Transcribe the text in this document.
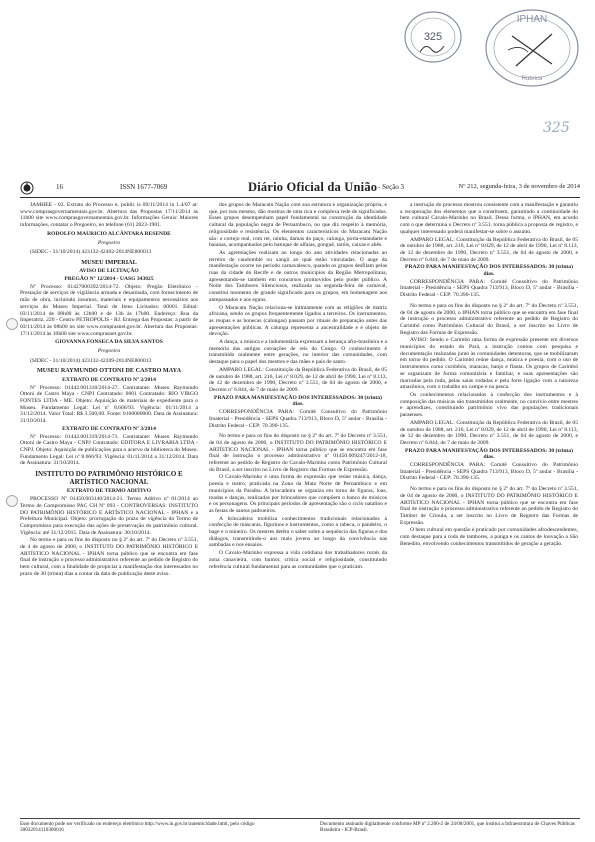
325
IPHAN
Rubrica
325
16	ISSN 1677-7069	Diário Oficial da União - Seção 3	Nº 212, segunda-feira, 3 de novembro de 2014
JAMHEE - 02. Extrato do Processo n. public is 09/11/2014 in 1.4/07 at: www.comprasgovernamentais.gov.br. Abertura das Propostas 17/11/2014 às 11h00 site www.comprasgovernamentais.gov.br. Informações Gerais: Maiores informações, contatar o Pregoeiro, no telefone (61) 2023-1901.
RODOLFO MAURICIO ALCÂNTARA RESENDE
Pregoeiro
(SIDEC - 31/10/2014) 423132-42402-2014NE800013
MUSEU IMPERIAL
AVISO DE LICITAÇÃO
PREGÃO Nº 12/2014 - UASG 343025
Nº Processo: 01427000392/2014-72. Objeto: Pregão Eletrônico - Prestação de serviços de vigilância armada e desarmada, com fornecimento de mão de obra, incluindo insumos, materiais e equipamentos necessários aos serviços do Museu Imperial. Total de Itens Licitados: 00001. Edital: 03/11/2014 de 08h00 às 12h00 e de 13h às 17h00. Endereço: Rua da Imperatriz, 220 - Centro PETROPOLIS - RJ. Entrega das Propostas: a partir de 03/11/2014 às 08h00 no site www.comprasnet.gov.br. Abertura das Propostas: 17/11/2014 às 10h00 site www.comprasnet.gov.br.
GIOVANNA FONSECA DA SILVA SANTOS
Pregoeira
(SIDEC - 31/10/2014) 423132-42209-2014NE800013
MUSEU RAYMUNDO OTTONI DE CASTRO MAYA
EXTRATO DE CONTRATO Nº 2/2014
Nº Processo: 01442.001318/2014-27. Contratante: Museu Raymundo Ottoni de Castro Maya - CNPJ Contratado: 0001 Contratado: RIO VIRGO FONTES LTDA - ME. Objeto: Aquisição de materiais de expediente para o Museu. Fundamento Legal: Lei nº 8.666/93. Vigência: 01/11/2014 a 31/12/2014. Valor Total: R$ 3.500,00. Fonte: 0100000000. Data de Assinatura: 31/10/2014.
EXTRATO DE CONTRATO Nº 3/2014
Nº Processo: 01442.001319/2014-71. Contratante: Museu Raymundo Ottoni de Castro Maya - CNPJ Contratado: EDITORA E LIVRARIA LTDA - CNPJ. Objeto: Aquisição de publicações para o acervo da biblioteca do Museu. Fundamento Legal: Lei nº 8.666/93. Vigência: 01/11/2014 a 31/12/2014. Data de Assinatura: 31/10/2014.
INSTITUTO DO PATRIMÔNIO HISTÓRICO E ARTÍSTICO NACIONAL
EXTRATO DE TERMO ADITIVO
PROCESSO Nº 01450.003140/2014-21. Termo Aditivo nº 01/2014 ao Termo de Compromisso PAC CH Nº 093 - CONTROVERSAS: INSTITUTO DO PATRIMÔNIO HISTÓRICO E ARTÍSTICO NACIONAL - IPHAN e a Prefeitura Municipal. Objeto: prorrogação do prazo de vigência do Termo de Compromisso para execução das ações de preservação do patrimônio cultural. Vigência: até 31/12/2015. Data de Assinatura: 30/10/2014.
No termo e para os fins do disposto no § 2º do art. 7º do Decreto nº 3.551, de 4 de agosto de 2000, o INSTITUTO DO PATRIMÔNIO HISTÓRICO E ARTÍSTICO NACIONAL - IPHAN torna público que se encontra em fase final de instrução o processo administrativo referente ao pedido de Registro do bem cultural, com a finalidade de propiciar a manifestação dos interessados no prazo de 30 (trinta) dias a contar da data de publicação deste aviso.
dos grupos de Maracatu Nação com sua estrutura e organização própria, e que, por isso mesmo, dão mostras de uma rica e complexa rede de significados. Esses grupos desempenham papel fundamental na construção da identidade cultural da população negra de Pernambuco, no que diz respeito à memória, religiosidade e resistência. Os elementos característicos do Maracatu Nação são: o cortejo real, com rei, rainha, damas do paço, calunga, porta-estandarte e baianas, acompanhados pelo batuque de alfaias, gonguê, taróis, caixas e abês.
As agremiações realizam ao longo do ano atividades relacionadas ao terreiro de candomblé ou xangô ao qual estão vinculadas. O auge da manifestação ocorre no período carnavalesco, quando os grupos desfilam pelas ruas da cidade do Recife e de outros municípios da Região Metropolitana, apresentando-se também em concursos promovidos pelo poder público. A Noite dos Tambores Silenciosos, realizada na segunda-feira de carnaval, constitui momento de grande significado para os grupos, em homenagem aos antepassados e aos eguns.
O Maracatu Nação relaciona-se intimamente com as religiões de matriz africana, sendo os grupos frequentemente ligados a terreiros. Os instrumentos, as roupas e as bonecas (calungas) passam por rituais de preparação antes das apresentações públicas. A calunga representa a ancestralidade e é objeto de devoção.
A dança, a música e a indumentária expressam a herança afro-brasileira e a memória das antigas coroações de reis do Congo. O conhecimento é transmitido oralmente entre gerações, no interior das comunidades, com destaque para o papel dos mestres e das mães e pais de santo.
AMPARO LEGAL: Constituição da República Federativa do Brasil, de 05 de outubro de 1988, art. 216, Lei nº 8.029, de 12 de abril de 1990, Lei nº 8.113, de 12 de dezembro de 1990, Decreto nº 3.551, de 04 de agosto de 2000, e Decreto nº 6.844, de 7 de maio de 2009.
PRAZO PARA MANIFESTAÇÃO DOS INTERESSADOS: 30 (trinta) dias.
CORRESPONDÊNCIA PARA: Comitê Consultivo do Patrimônio Imaterial - Presidência - SEPS Quadra 713/913, Bloco D, 5º andar - Brasília - Distrito Federal - CEP: 70.390-135.
No termo e para os fins do disposto no § 2º do art. 7º do Decreto nº 3.551, de 04 de agosto de 2000, o INSTITUTO DO PATRIMÔNIO HISTÓRICO E ARTÍSTICO NACIONAL - IPHAN torna público que se encontra em fase final de instrução o processo administrativo nº 01450.009247/2012-18, referente ao pedido de Registro do Cavalo-Marinho como Patrimônio Cultural do Brasil, a ser inscrito no Livro de Registro das Formas de Expressão.
O Cavalo-Marinho é uma forma de expressão que reúne música, dança, poesia e teatro, praticada na Zona da Mata Norte de Pernambuco e em municípios da Paraíba. A brincadeira se organiza em torno de figuras, loas, toadas e danças, realizadas por brincadores que compõem o banco de músicos e os personagens. Os principais períodos de apresentação são o ciclo natalino e as festas de santos padroeiros.
A brincadeira mobiliza conhecimentos tradicionais relacionados à confecção de máscaras, figurinos e instrumentos, como a rabeca, o pandeiro, o bage e o mineiro. Os mestres detêm o saber sobre a sequência das figuras e dos diálogos, transmitindo-o aos mais jovens ao longo da convivência nas sambadas e nos ensaios.
O Cavalo-Marinho expressa a vida cotidiana dos trabalhadores rurais da zona canavieira, com humor, crítica social e religiosidade, constituindo referência cultural fundamental para as comunidades que o praticam.
a instrução do processo mostrou consistente com a manifestação e garantiu a recuperação dos elementos que a constituem, garantindo a continuidade do bem cultural Cavalo-Marinho no Brasil. Dessa forma, o IPHAN, em acordo com o que determina o Decreto nº 3.551, torna pública a proposta de registro, e qualquer interessado poderá manifestar-se sobre o assunto.
AMPARO LEGAL: Constituição da República Federativa do Brasil, de 05 de outubro de 1988, art. 216, Lei nº 8.029, de 12 de abril de 1990, Lei nº 8.113, de 12 de dezembro de 1990, Decreto nº 3.551, de 04 de agosto de 2000, e Decreto nº 6.844, de 7 de maio de 2009.
PRAZO PARA MANIFESTAÇÃO DOS INTERESSADOS: 30 (trinta) dias.
CORRESPONDÊNCIA PARA: Comitê Consultivo do Patrimônio Imaterial - Presidência - SEPS Quadra 713/913, Bloco D, 5º andar - Brasília - Distrito Federal - CEP: 70.390-135.
No termo e para os fins do disposto no § 2º do art. 7º do Decreto nº 3.551, de 04 de agosto de 2000, o IPHAN torna público que se encontra em fase final de instrução o processo administrativo referente ao pedido de Registro do Carimbó como Patrimônio Cultural do Brasil, a ser inscrito no Livro de Registro das Formas de Expressão.
AVISO: Sendo o Carimbó uma forma de expressão presente em diversos municípios do estado do Pará, a instrução contou com pesquisa e documentação realizadas junto às comunidades detentoras, que se mobilizaram em torno do pedido. O Carimbó reúne dança, música e poesia, com o uso de instrumentos como curimbós, maracas, banjo e flauta. Os grupos de Carimbó se organizam de forma comunitária e familiar, e suas apresentações são marcadas pela roda, pelas saias rodadas e pela forte ligação com a natureza amazônica, com o trabalho no campo e na pesca.
Os conhecimentos relacionados à confecção dos instrumentos e à composição das músicas são transmitidos oralmente, no convívio entre mestres e aprendizes, constituindo patrimônio vivo das populações tradicionais paraenses.
AMPARO LEGAL: Constituição da República Federativa do Brasil, de 05 de outubro de 1988, art. 216, Lei nº 8.029, de 12 de abril de 1990, Lei nº 8.113, de 12 de dezembro de 1990, Decreto nº 3.551, de 04 de agosto de 2000, e Decreto nº 6.844, de 7 de maio de 2009.
PRAZO PARA MANIFESTAÇÃO DOS INTERESSADOS: 30 (trinta) dias.
CORRESPONDÊNCIA PARA: Comitê Consultivo do Patrimônio Imaterial - Presidência - SEPS Quadra 713/913, Bloco D, 5º andar - Brasília - Distrito Federal - CEP: 70.390-135.
No termo e para os fins do disposto no § 2º do art. 7º do Decreto nº 3.551, de 04 de agosto de 2000, o INSTITUTO DO PATRIMÔNIO HISTÓRICO E ARTÍSTICO NACIONAL - IPHAN torna público que se encontra em fase final de instrução o processo administrativo referente ao pedido de Registro do Tambor de Crioula, a ser inscrito no Livro de Registro das Formas de Expressão.
O bem cultural em questão é praticado por comunidades afrodescendentes, com destaque para a roda de tambores, a punga e os cantos de louvação a São Benedito, envolvendo conhecimentos transmitidos de geração a geração.
Esse documento pode ser verificado no endereço eletrônico http://www.in.gov.br/autenticidade.html, pelo código 30032014110300016
Documento assinado digitalmente conforme MP nº 2.200-2 de 24/08/2001, que institui a Infraestrutura de Chaves Públicas Brasileira - ICP-Brasil.
